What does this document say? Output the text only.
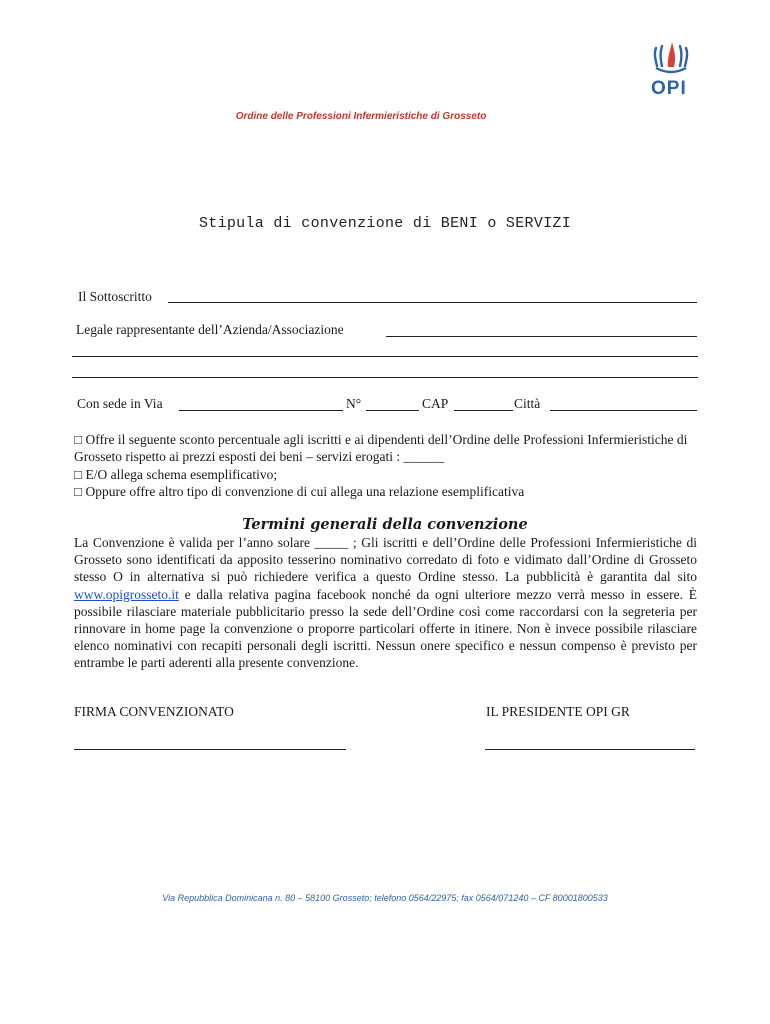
OPI
Ordine delle Professioni Infermieristiche di Grosseto
Stipula di convenzione di BENI o SERVIZI
Il Sottoscritto
Legale rappresentante dell’Azienda/Associazione
Con sede in Via	N°	CAP	Città
□ Offre il seguente sconto percentuale agli iscritti e ai dipendenti dell’Ordine delle Professioni Infermieristiche di Grosseto rispetto ai prezzi esposti dei beni – servizi erogati : ______
□ E/O allega schema esemplificativo;
□ Oppure offre altro tipo di convenzione di cui allega una relazione esemplificativa
Termini generali della convenzione
La Convenzione è valida per l’anno solare _____ ; Gli iscritti e dell’Ordine delle Professioni Infermieristiche di Grosseto sono identificati da apposito tesserino nominativo corredato di foto e vidimato dall’Ordine di Grosseto stesso O in alternativa si può richiedere verifica a questo Ordine stesso. La pubblicità è garantita dal sito www.opigrosseto.it e dalla relativa pagina facebook nonché da ogni ulteriore mezzo verrà messo in essere. È possibile rilasciare materiale pubblicitario presso la sede dell’Ordine così come raccordarsi con la segreteria per rinnovare in home page la convenzione o proporre particolari offerte in itinere. Non è invece possibile rilasciare elenco nominativi con recapiti personali degli iscritti. Nessun onere specifico e nessun compenso è previsto per entrambe le parti aderenti alla presente convenzione.
FIRMA CONVENZIONATO	IL PRESIDENTE OPI GR
Via Repubblica Dominicana n. 80 – 58100 Grosseto; telefono 0564/22975; fax 0564/071240 – CF 80001800533
